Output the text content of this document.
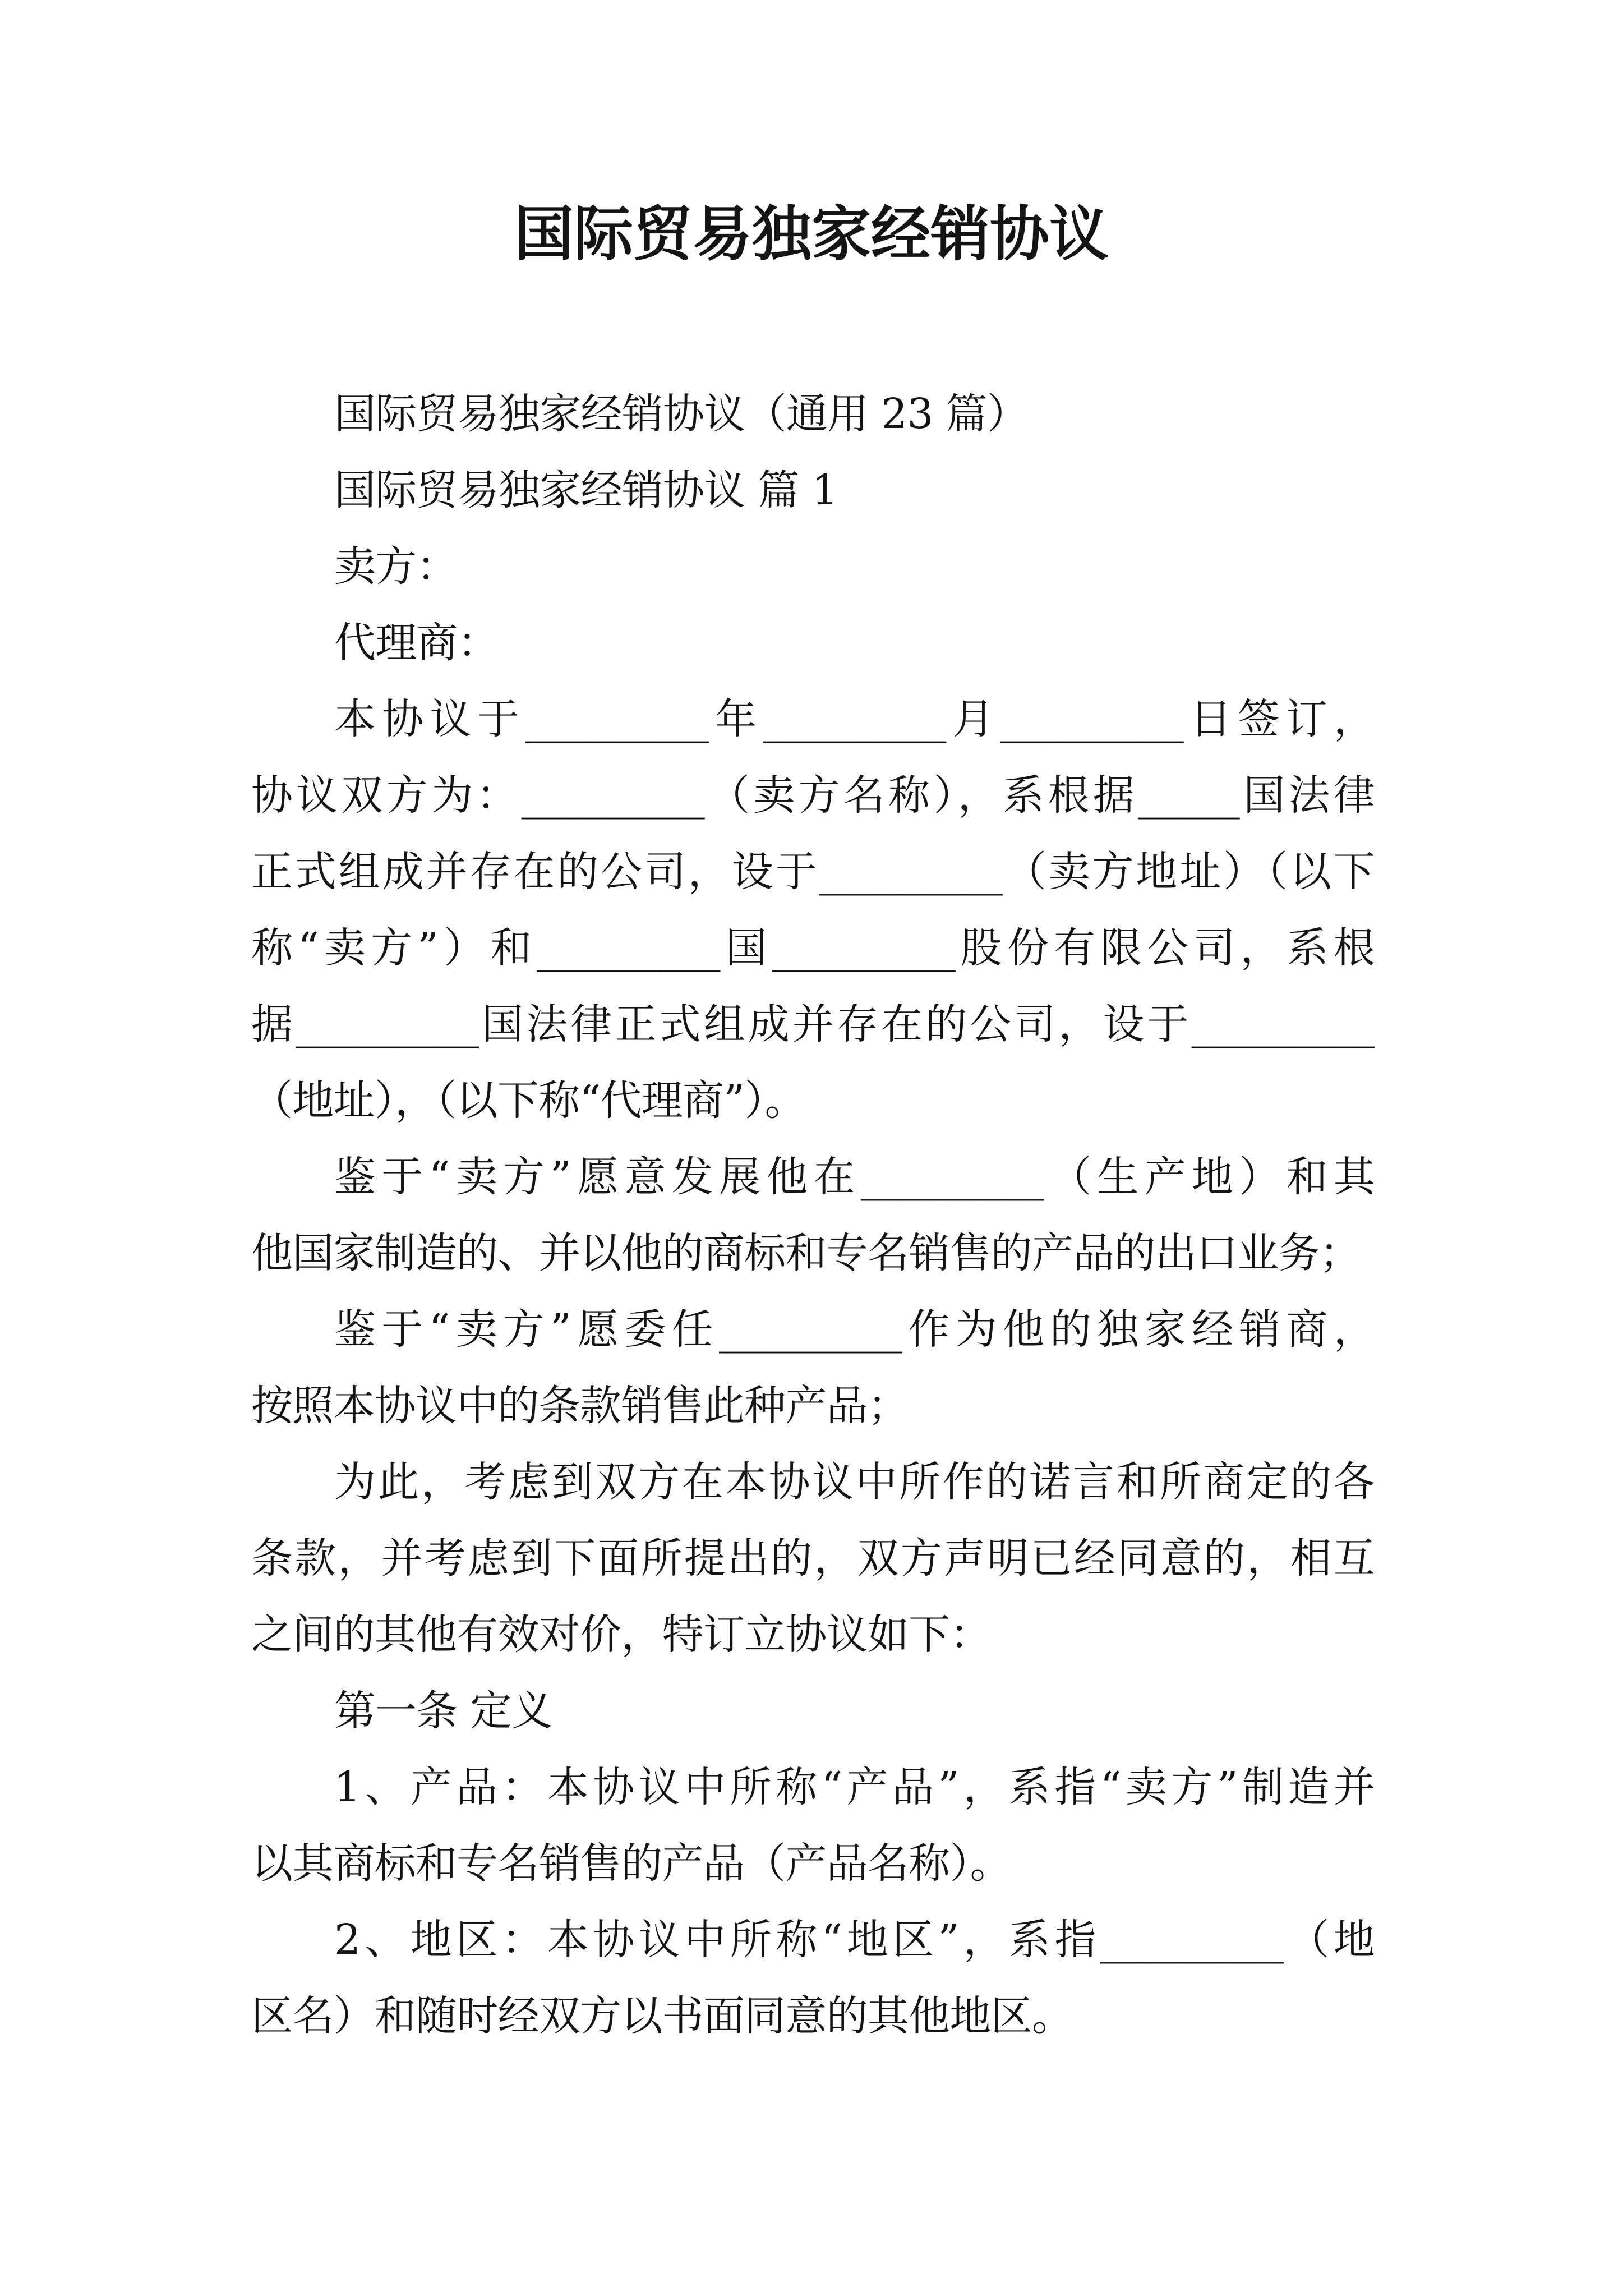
国际贸易独家经销协议
国际贸易独家经销协议（通用 23 篇）
国际贸易独家经销协议 篇 1
卖方：
代理商：
本协议于_________年_________月_________日签订，
协议双方为：_________（卖方名称），系根据_____国法律
正式组成并存在的公司，设于_________（卖方地址）（以下
称“卖方”）和_________国_________股份有限公司，系根
据_________国法律正式组成并存在的公司，设于_________
（地址），（以下称“代理商”）。
鉴于“卖方”愿意发展他在_________（生产地）和其
他国家制造的、并以他的商标和专名销售的产品的出口业务；
鉴于“卖方”愿委任_________作为他的独家经销商，
按照本协议中的条款销售此种产品；
为此，考虑到双方在本协议中所作的诺言和所商定的各
条款，并考虑到下面所提出的，双方声明已经同意的，相互
之间的其他有效对价，特订立协议如下：
第一条 定义
1、产品：本协议中所称“产品”，系指“卖方”制造并
以其商标和专名销售的产品（产品名称）。
2、地区：本协议中所称“地区”，系指_________（地
区名）和随时经双方以书面同意的其他地区。
